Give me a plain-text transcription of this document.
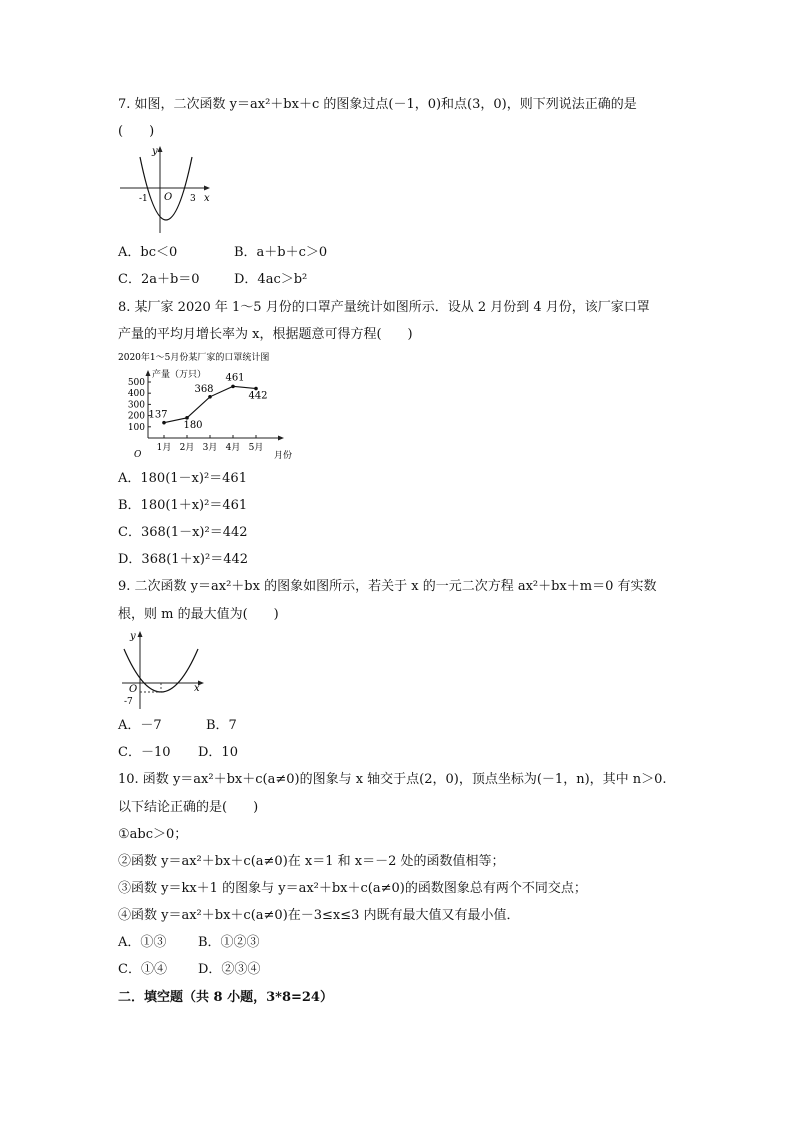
7. 如图，二次函数 y＝ax²＋bx＋c 的图象过点(－1，0)和点(3，0)，则下列说法正确的是
(　　)
y
x
O
-1	3
A．bc＜0	B．a＋b＋c＞0
C．2a＋b＝0	D．4ac＞b²
8. 某厂家 2020 年 1～5 月份的口罩产量统计如图所示．设从 2 月份到 4 月份，该厂家口罩
产量的平均月增长率为 x，根据题意可得方程(　　)
2020年1～5月份某厂家的口罩统计图
产量（万只）
100
200
300
400
500
1月 2月 3月 4月 5月
137
180
368
461
442
月份
O
A．180(1－x)²＝461
B．180(1＋x)²＝461
C．368(1－x)²＝442
D．368(1＋x)²＝442
9. 二次函数 y＝ax²＋bx 的图象如图所示，若关于 x 的一元二次方程 ax²＋bx＋m＝0 有实数
根，则 m 的最大值为(　　)
y
x
O
-7
A．－7	B．7
C．－10 D．10
10. 函数 y＝ax²＋bx＋c(a≠0)的图象与 x 轴交于点(2，0)，顶点坐标为(－1，n)，其中 n＞0.
以下结论正确的是(　　)
①abc＞0；
②函数 y＝ax²＋bx＋c(a≠0)在 x＝1 和 x＝－2 处的函数值相等；
③函数 y＝kx＋1 的图象与 y＝ax²＋bx＋c(a≠0)的函数图象总有两个不同交点；
④函数 y＝ax²＋bx＋c(a≠0)在－3≤x≤3 内既有最大值又有最小值．
A．①③ B．①②③
C．①④ D．②③④
二．填空题（共 8 小题，3*8=24）
